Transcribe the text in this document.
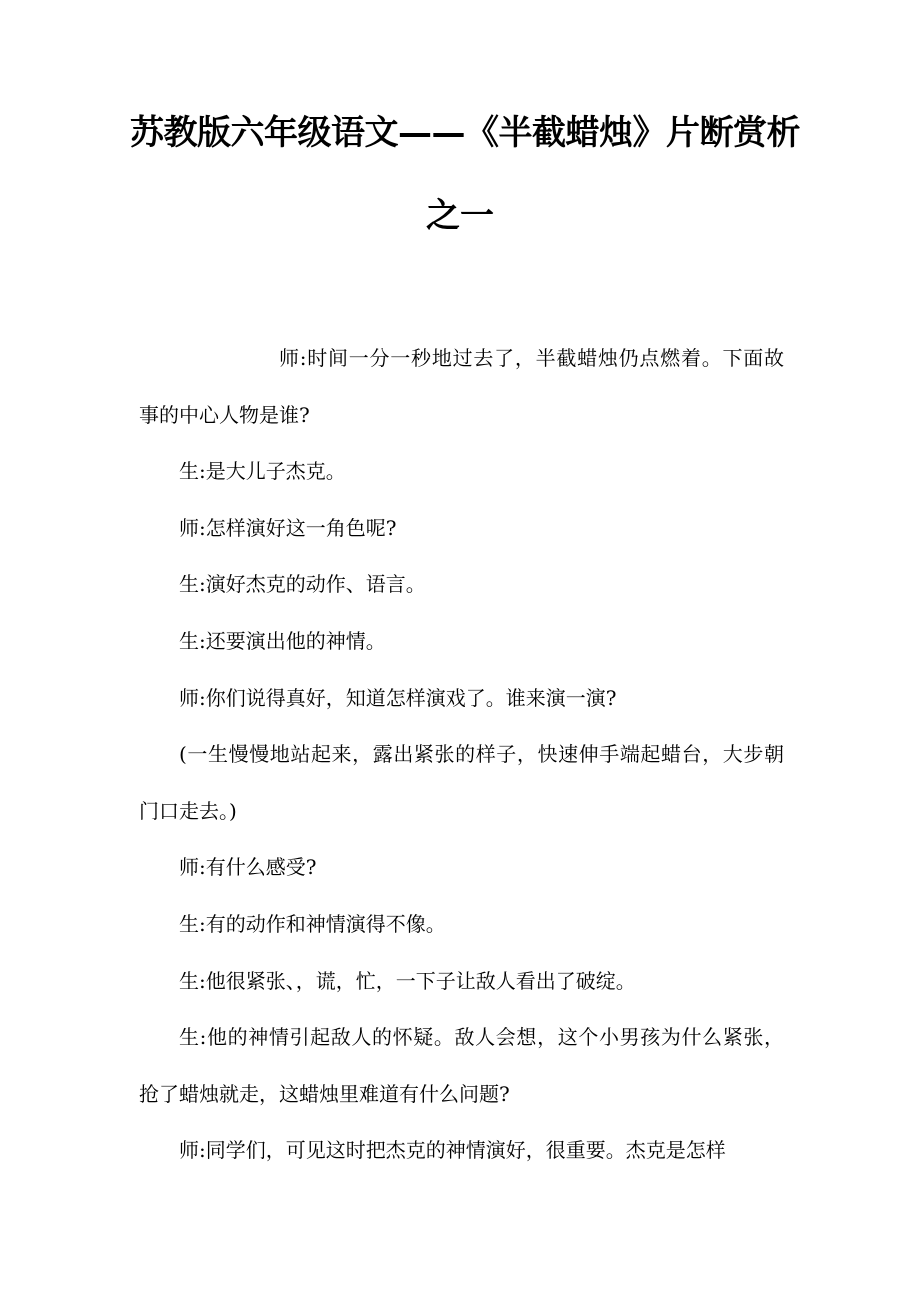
苏教版六年级语文——《半截蜡烛》片断赏析
之一

师:时间一分一秒地过去了，半截蜡烛仍点燃着。下面故事的中心人物是谁?

生:是大儿子杰克。

师:怎样演好这一角色呢?

生:演好杰克的动作、语言。

生:还要演出他的神情。

师:你们说得真好，知道怎样演戏了。谁来演一演?

(一生慢慢地站起来，露出紧张的样子，快速伸手端起蜡台，大步朝门口走去。)

师:有什么感受?

生:有的动作和神情演得不像。

生:他很紧张、，谎，忙，一下子让敌人看出了破绽。

生:他的神情引起敌人的怀疑。敌人会想，这个小男孩为什么紧张，抢了蜡烛就走，这蜡烛里难道有什么问题?

师:同学们，可见这时把杰克的神情演好，很重要。杰克是怎样
